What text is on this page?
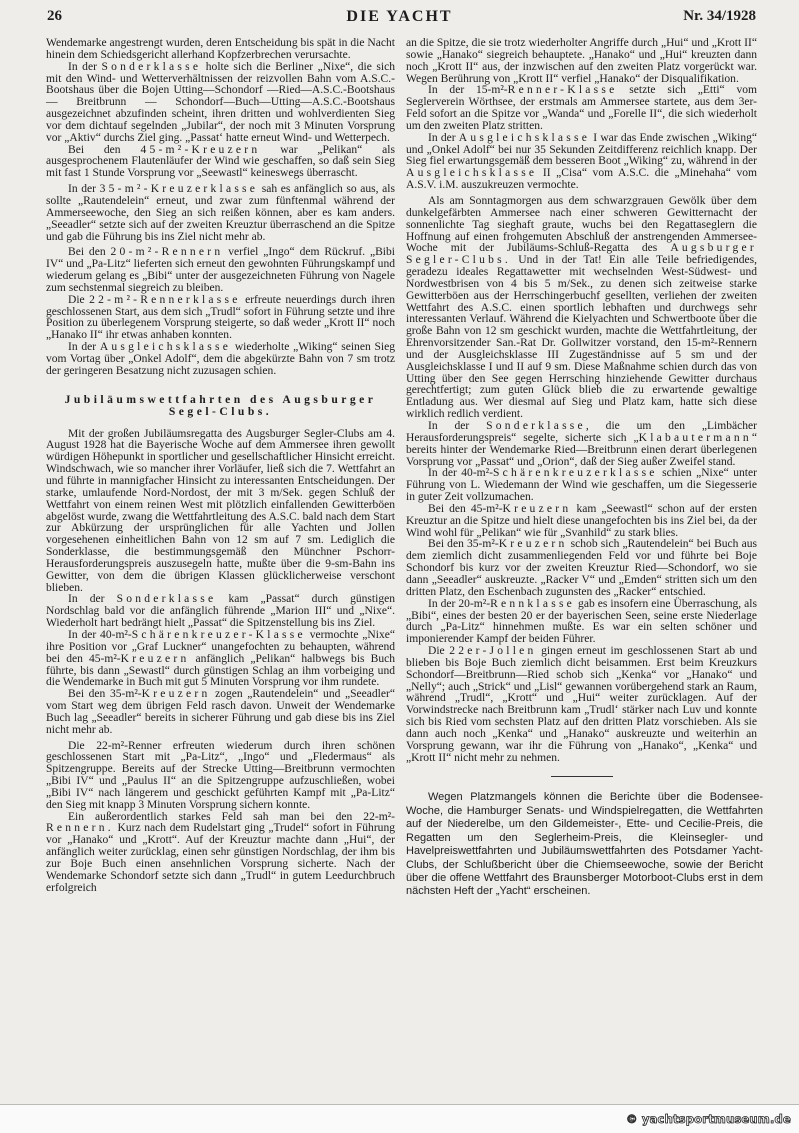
26	DIE YACHT	Nr. 34/1928

Wendemarke angestrengt wurden, deren Entscheidung bis spät in die Nacht hinein dem Schiedsgericht allerhand Kopfzerbrechen verursachte.

In der Sonderklasse holte sich die Berliner „Nixe“, die sich mit den Wind- und Wetterverhältnissen der reizvollen Bahn vom A.S.C.-Bootshaus über die Bojen Utting—Schondorf —Ried—A.S.C.-Bootshaus — Breitbrunn — Schondorf—Buch—Utting—A.S.C.-Bootshaus ausgezeichnet abzufinden scheint, ihren dritten und wohlverdienten Sieg vor dem dichtauf segelnden „Jubilar“, der noch mit 3 Minuten Vorsprung vor „Aktiv“ durchs Ziel ging. „Passat‘ hatte erneut Wind- und Wetterpech.

Bei den 45-m²-Kreuzern war „Pelikan“ als ausgesprochenem Flautenläufer der Wind wie geschaffen, so daß sein Sieg mit fast 1 Stunde Vorsprung vor „Seewastl“ keineswegs überrascht.

In der 35-m²-Kreuzerklasse sah es anfänglich so aus, als sollte „Rautendelein“ erneut, und zwar zum fünftenmal während der Ammerseewoche, den Sieg an sich reißen können, aber es kam anders. „Seeadler“ setzte sich auf der zweiten Kreuztur überraschend an die Spitze und gab die Führung bis ins Ziel nicht mehr ab.

Bei den 20-m²-Rennern verfiel „Ingo“ dem Rückruf. „Bibi IV“ und „Pa-Litz“ lieferten sich erneut den gewohnten Führungskampf und wiederum gelang es „Bibi“ unter der ausgezeichneten Führung von Nagele zum sechstenmal siegreich zu bleiben.

Die 22-m²-Rennerklasse erfreute neuerdings durch ihren geschlossenen Start, aus dem sich „Trudl“ sofort in Führung setzte und ihre Position zu überlegenem Vorsprung steigerte, so daß weder „Krott II“ noch „Hanako II“ ihr etwas anhaben konnten.

In der Ausgleichsklasse wiederholte „Wiking“ seinen Sieg vom Vortag über „Onkel Adolf“, dem die abgekürzte Bahn von 7 sm trotz der geringeren Besatzung nicht zuzusagen schien.

Jubiläumswettfahrten des Augsburger Segel-Clubs.

Mit der großen Jubiläumsregatta des Augsburger Segler-Clubs am 4. August 1928 hat die Bayerische Woche auf dem Ammersee ihren gewollt würdigen Höhepunkt in sportlicher und gesellschaftlicher Hinsicht erreicht. Windschwach, wie so mancher ihrer Vorläufer, ließ sich die 7. Wettfahrt an und führte in mannigfacher Hinsicht zu interessanten Entscheidungen. Der starke, umlaufende Nord-Nordost, der mit 3 m/Sek. gegen Schluß der Wettfahrt von einem reinen West mit plötzlich einfallenden Gewitterböen abgelöst wurde, zwang die Wettfahrtleitung des A.S.C. bald nach dem Start zur Abkürzung der ursprünglichen für alle Yachten und Jollen vorgesehenen einheitlichen Bahn von 12 sm auf 7 sm. Lediglich die Sonderklasse, die bestimmungsgemäß den Münchner Pschorr-Herausforderungspreis auszusegeln hatte, mußte über die 9-sm-Bahn ins Gewitter, von dem die übrigen Klassen glücklicherweise verschont blieben.

In der Sonderklasse kam „Passat“ durch günstigen Nordschlag bald vor die anfänglich führende „Marion III“ und „Nixe“. Wiederholt hart bedrängt hielt „Passat“ die Spitzenstellung bis ins Ziel.

In der 40-m²-Schärenkreuzer-Klasse vermochte „Nixe“ ihre Position vor „Graf Luckner“ unangefochten zu behaupten, während bei den 45-m²-Kreuzern anfänglich „Pelikan“ halbwegs bis Buch führte, bis dann „Sewastl“ durch günstigen Schlag an ihm vorbeiging und die Wendemarke in Buch mit gut 5 Minuten Vorsprung vor ihm rundete.

Bei den 35-m²-Kreuzern zogen „Rautendelein“ und „Seeadler“ vom Start weg dem übrigen Feld rasch davon. Unweit der Wendemarke Buch lag „Seeadler“ bereits in sicherer Führung und gab diese bis ins Ziel nicht mehr ab.

Die 22-m²-Renner erfreuten wiederum durch ihren schönen geschlossenen Start mit „Pa-Litz“, „Ingo“ und „Fledermaus“ als Spitzengruppe. Bereits auf der Strecke Utting—Breitbrunn vermochten „Bibi IV“ und „Paulus II“ an die Spitzengruppe aufzuschließen, wobei „Bibi IV“ nach längerem und geschickt geführten Kampf mit „Pa-Litz“ den Sieg mit knapp 3 Minuten Vorsprung sichern konnte.

Ein außerordentlich starkes Feld sah man bei den 22-m²-Rennern. Kurz nach dem Rudelstart ging „Trudel“ sofort in Führung vor „Hanako“ und „Krott“. Auf der Kreuztur machte dann „Hui“, der anfänglich weiter zurücklag, einen sehr günstigen Nordschlag, der ihm bis zur Boje Buch einen ansehnlichen Vorsprung sicherte. Nach der Wendemarke Schondorf setzte sich dann „Trudl“ in gutem Leedurchbruch erfolgreich

an die Spitze, die sie trotz wiederholter Angriffe durch „Hui“ und „Krott II“ sowie „Hanako“ siegreich behauptete. „Hanako“ und „Hui“ kreuzten dann noch „Krott II“ aus, der inzwischen auf den zweiten Platz vorgerückt war. Wegen Berührung von „Krott II“ verfiel „Hanako“ der Disqualifikation.

In der 15-m²-Renner-Klasse setzte sich „Etti“ vom Seglerverein Wörthsee, der erstmals am Ammersee startete, aus dem 3er-Feld sofort an die Spitze vor „Wanda“ und „Forelle II“, die sich wiederholt um den zweiten Platz stritten.

In der Ausgleichsklasse I war das Ende zwischen „Wiking“ und „Onkel Adolf“ bei nur 35 Sekunden Zeitdifferenz reichlich knapp. Der Sieg fiel erwartungsgemäß dem besseren Boot „Wiking“ zu, während in der Ausgleichsklasse II „Cisa“ vom A.S.C. die „Minehaha“ vom A.S.V. i.M. auszukreuzen vermochte.

Als am Sonntagmorgen aus dem schwarzgrauen Gewölk über dem dunkelgefärbten Ammersee nach einer schweren Gewitternacht der sonnenlichte Tag sieghaft graute, wuchs bei den Regattaseglern die Hoffnung auf einen frohgemuten Abschluß der anstrengenden Ammersee-Woche mit der Jubiläums-Schluß-Regatta des Augsburger Segler-Clubs. Und in der Tat! Ein alle Teile befriedigendes, geradezu ideales Regattawetter mit wechselnden West-Südwest- und Nordwestbrisen von 4 bis 5 m/Sek., zu denen sich zeitweise starke Gewitterböen aus der Herrschingerbuchf gesellten, verliehen der zweiten Wettfahrt des A.S.C. einen sportlich lebhaften und durchwegs sehr interessanten Verlauf. Während die Kielyachten und Schwertboote über die große Bahn von 12 sm geschickt wurden, machte die Wettfahrtleitung, der Ehrenvorsitzender San.-Rat Dr. Gollwitzer vorstand, den 15-m²-Rennern und der Ausgleichsklasse III Zugeständnisse auf 5 sm und der Ausgleichsklasse I und II auf 9 sm. Diese Maßnahme schien durch das von Utting über den See gegen Herrsching hinziehende Gewitter durchaus gerechtfertigt; zum guten Glück blieb die zu erwartende gewaltige Entladung aus. Wer diesmal auf Sieg und Platz kam, hatte sich diese wirklich redlich verdient.

In der Sonderklasse, die um den „Limbächer Herausforderungspreis“ segelte, sicherte sich „Klabautermann“ bereits hinter der Wendemarke Ried—Breitbrunn einen derart überlegenen Vorsprung vor „Passat“ und „Orion“, daß der Sieg außer Zweifel stand.

In der 40-m²-Schärenkreuzerklasse schien „Nixe“ unter Führung von L. Wiedemann der Wind wie geschaffen, um die Siegesserie in guter Zeit vollzumachen.

Bei den 45-m²-Kreuzern kam „Seewastl“ schon auf der ersten Kreuztur an die Spitze und hielt diese unangefochten bis ins Ziel bei, da der Wind wohl für „Pelikan“ wie für „Svanhild“ zu stark blies.

Bei den 35-m²-Kreuzern schob sich „Rautendelein“ bei Buch aus dem ziemlich dicht zusammenliegenden Feld vor und führte bei Boje Schondorf bis kurz vor der zweiten Kreuztur Ried—Schondorf, wo sie dann „Seeadler“ auskreuzte. „Racker V“ und „Emden“ stritten sich um den dritten Platz, den Eschenbach zugunsten des „Racker“ entschied.

In der 20-m²-Rennklasse gab es insofern eine Überraschung, als „Bibi“, eines der besten 20 er der bayerischen Seen, seine erste Niederlage durch „Pa-Litz“ hinnehmen mußte. Es war ein selten schöner und imponierender Kampf der beiden Führer.

Die 22er-Jollen gingen erneut im geschlossenen Start ab und blieben bis Boje Buch ziemlich dicht beisammen. Erst beim Kreuzkurs Schondorf—Breitbrunn—Ried schob sich „Kenka“ vor „Hanako“ und „Nelly“; auch „Strick“ und „Lisl“ gewannen vorübergehend stark an Raum, während „Trudl“, „Krott“ und „Hui“ weiter zurücklagen. Auf der Vorwindstrecke nach Breitbrunn kam „Trudl‘ stärker nach Luv und konnte sich bis Ried vom sechsten Platz auf den dritten Platz vorschieben. Als sie dann auch noch „Kenka“ und „Hanako“ auskreuzte und weiterhin an Vorsprung gewann, war ihr die Führung von „Hanako“, „Kenka“ und „Krott II“ nicht mehr zu nehmen.

Wegen Platzmangels können die Berichte über die Bodensee-Woche, die Hamburger Senats- und Windspielregatten, die Wettfahrten auf der Niederelbe, um den Gildemeister-, Ette- und Cecilie-Preis, die Regatten um den Seglerheim-Preis, die Kleinsegler- und Havelpreiswettfahrten und Jubiläumswettfahrten des Potsdamer Yacht-Clubs, der Schlußbericht über die Chiemseewoche, sowie der Bericht über die offene Wettfahrt des Braunsberger Motorboot-Clubs erst in dem nächsten Heft der „Yacht“ erscheinen.

© yachtsportmuseum.de
